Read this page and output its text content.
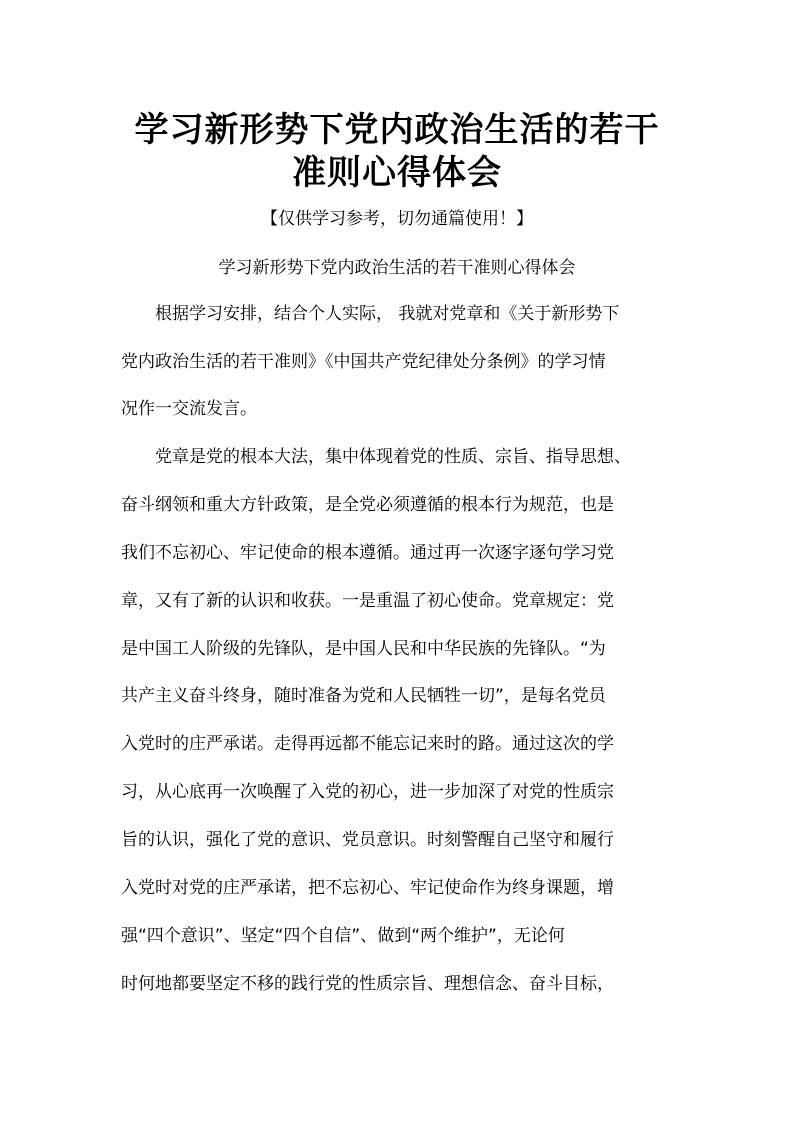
学习新形势下党内政治生活的若干
准则心得体会
【仅供学习参考，切勿通篇使用！】
学习新形势下党内政治生活的若干准则心得体会
根据学习安排，结合个人实际， 我就对党章和《关于新形势下
党内政治生活的若干准则》《中国共产党纪律处分条例》的学习情
况作一交流发言。
党章是党的根本大法，集中体现着党的性质、宗旨、指导思想、
奋斗纲领和重大方针政策，是全党必须遵循的根本行为规范，也是
我们不忘初心、牢记使命的根本遵循。通过再一次逐字逐句学习党
章，又有了新的认识和收获。一是重温了初心使命。党章规定：党
是中国工人阶级的先锋队，是中国人民和中华民族的先锋队。“为
共产主义奋斗终身，随时准备为党和人民牺牲一切”，是每名党员
入党时的庄严承诺。走得再远都不能忘记来时的路。通过这次的学
习，从心底再一次唤醒了入党的初心，进一步加深了对党的性质宗
旨的认识，强化了党的意识、党员意识。时刻警醒自己坚守和履行
入党时对党的庄严承诺，把不忘初心、牢记使命作为终身课题，增
强“四个意识”、坚定“四个自信”、做到“两个维护”，无论何
时何地都要坚定不移的践行党的性质宗旨、理想信念、奋斗目标，
